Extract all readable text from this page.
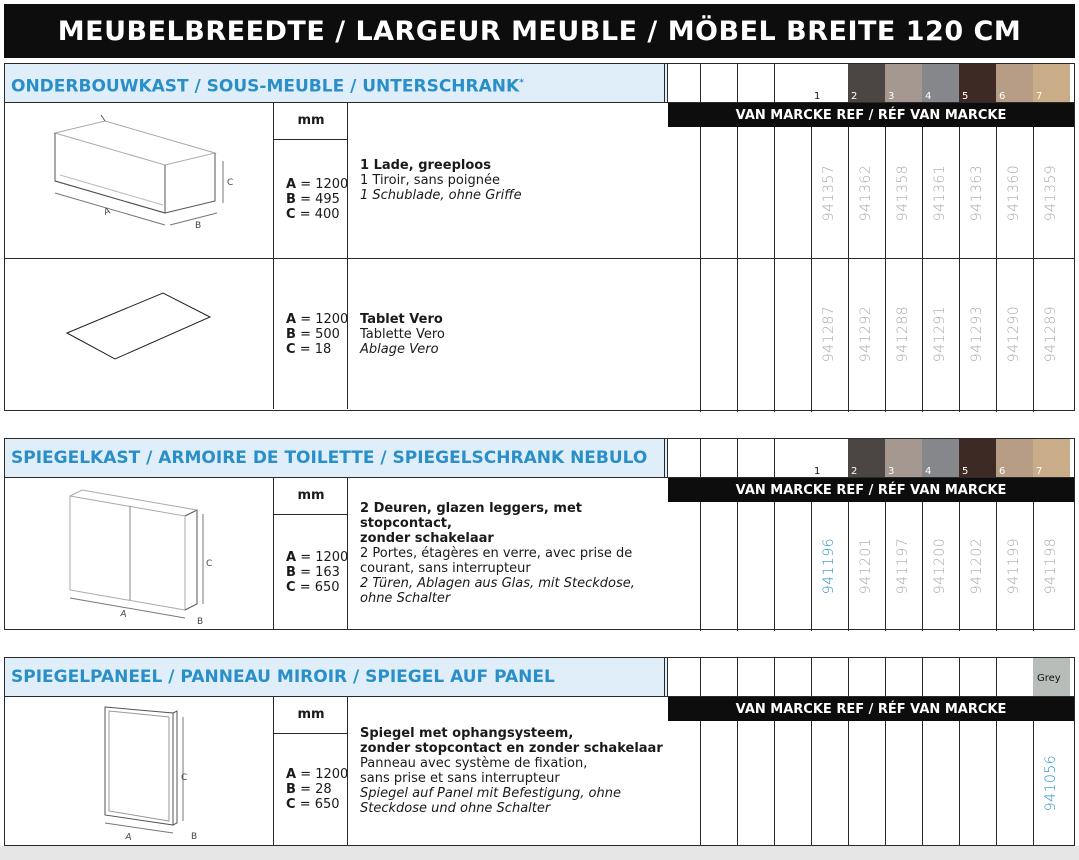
MEUBELBREEDTE / LARGEUR MEUBLE / MÖBEL BREITE 120 CM
ONDERBOUWKAST / SOUS-MEUBLE / UNTERSCHRANK*
VAN MARCKE REF / RÉF VAN MARCKE
A
B
C
mm
A = 1200
B = 495
C = 400
1 Lade, greeploos
1 Tiroir, sans poignée
1 Schublade, ohne Griffe
A = 1200
B = 500
C = 18
Tablet Vero
Tablette Vero
Ablage Vero
1	2	3	4	5	6	7
941357 941362 941358 941361 941363 941360 941359
941287 941292 941288 941291 941293 941290 941289
SPIEGELKAST / ARMOIRE DE TOILETTE / SPIEGELSCHRANK NEBULO
VAN MARCKE REF / RÉF VAN MARCKE
A
C
B
mm
A = 1200
B = 163
C = 650
2 Deuren, glazen leggers, met stopcontact,
zonder schakelaar
2 Portes, étagères en verre, avec prise de
courant, sans interrupteur
2 Türen, Ablagen aus Glas, mit Steckdose,
ohne Schalter
1	2	3	4	5	6	7
941196 941201 941197 941200 941202 941199 941198
SPIEGELPANEEL / PANNEAU MIROIR / SPIEGEL AUF PANEL
VAN MARCKE REF / RÉF VAN MARCKE
A
C
B
mm
A = 1200
B = 28
C = 650
Spiegel met ophangsysteem,
zonder stopcontact en zonder schakelaar
Panneau avec système de fixation,
sans prise et sans interrupteur
Spiegel auf Panel mit Befestigung, ohne
Steckdose und ohne Schalter
Grey
941056
